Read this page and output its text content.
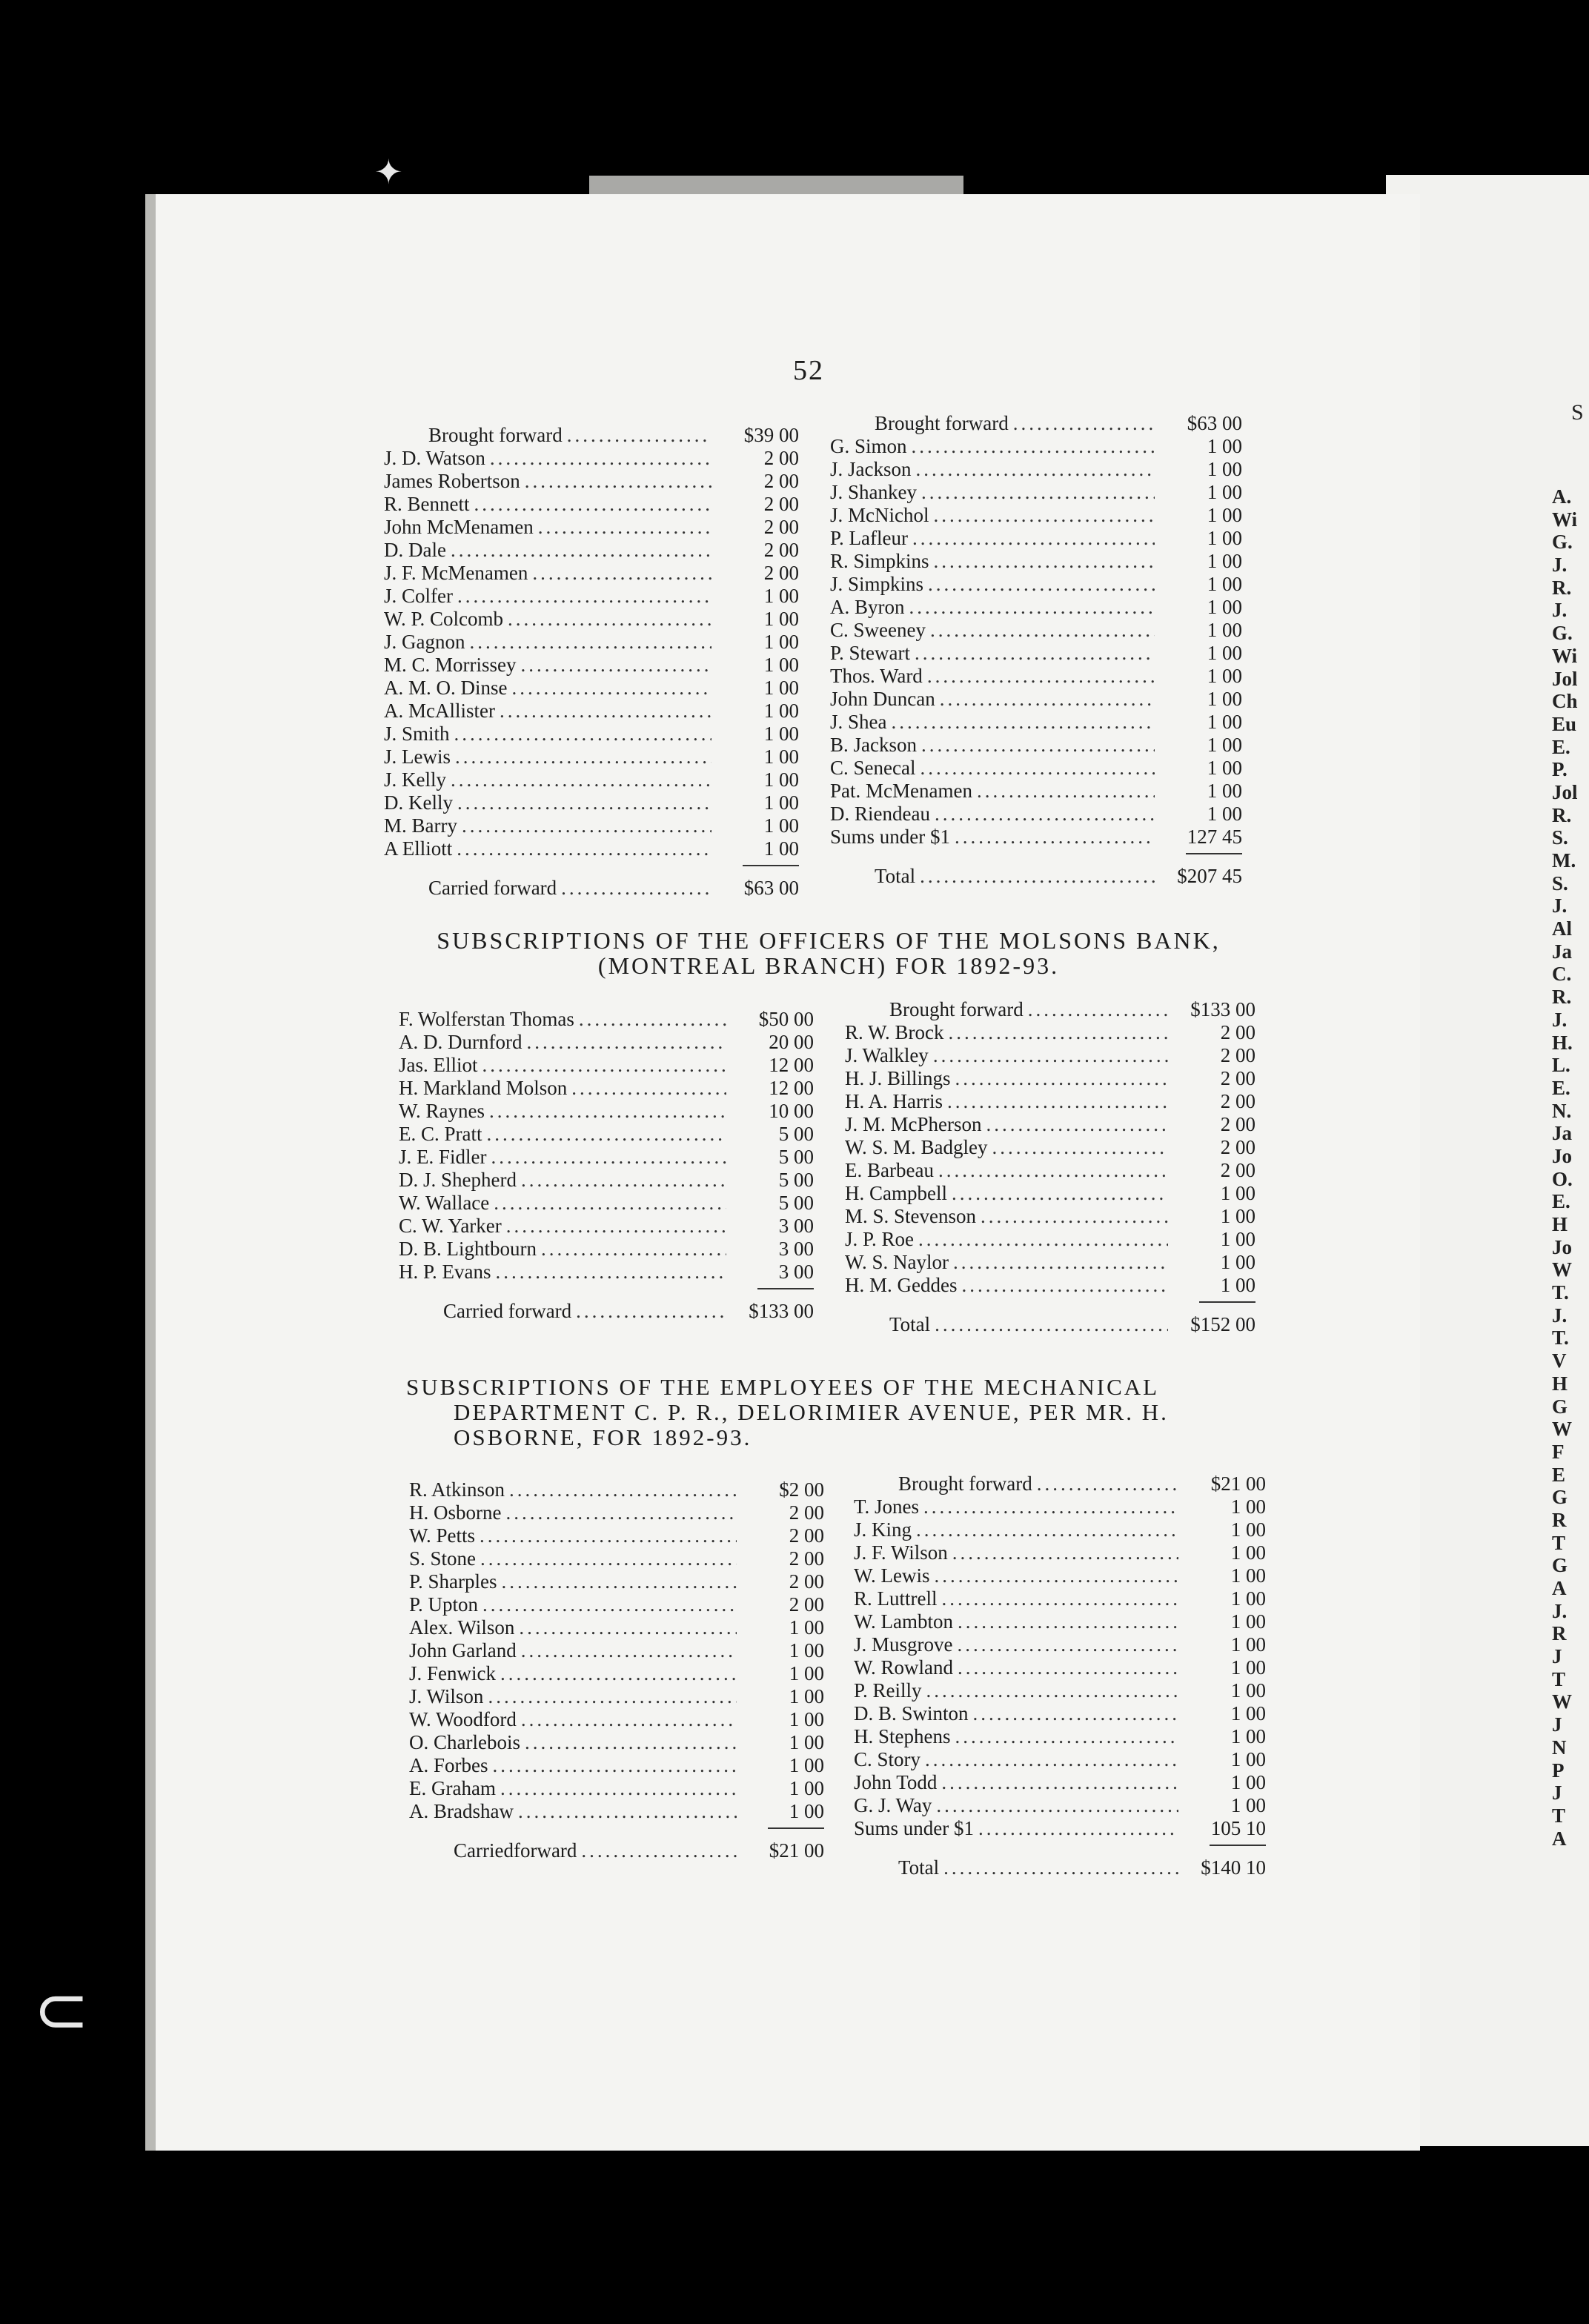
S
A.
Wi
G.
J.
R.
J.
G.
Wi
Jol
Ch
Eu
E.
P.
Jol
R.
S.
M.
S.
J.
Al
Ja
C.
R.
J.
H.
L.
E.
N.
Ja
Jo
O.
E.
H
Jo
W
T.
J.
T.
V
H
G
W
F
E
G
R
T
G
A
J.
R
J
T
W
J
N
P
J
T
A
✦
⊂
52
Brought forward .....	$39 00
J. D. Watson .....	2 00
James Robertson .....	2 00
R. Bennett .....	2 00
John McMenamen .....	2 00
D. Dale .....	2 00
J. F. McMenamen .....	2 00
J. Colfer .....	1 00
W. P. Colcomb .....	1 00
J. Gagnon .....	1 00
M. C. Morrissey .....	1 00
A. M. O. Dinse .....	1 00
A. McAllister .....	1 00
J. Smith .....	1 00
J. Lewis .....	1 00
J. Kelly .....	1 00
D. Kelly .....	1 00
M. Barry .....	1 00
A Elliott .....	1 00
Carried forward .....	$63 00
Brought forward .....	$63 00
G. Simon .....	1 00
J. Jackson .....	1 00
J. Shankey .....	1 00
J. McNichol .....	1 00
P. Lafleur .....	1 00
R. Simpkins .....	1 00
J. Simpkins .....	1 00
A. Byron .....	1 00
C. Sweeney .....	1 00
P. Stewart .....	1 00
Thos. Ward .....	1 00
John Duncan .....	1 00
J. Shea .....	1 00
B. Jackson .....	1 00
C. Senecal .....	1 00
Pat. McMenamen .....	1 00
D. Riendeau .....	1 00
Sums under $1 .....	127 45
Total .....	$207 45
SUBSCRIPTIONS OF THE OFFICERS OF THE MOLSONS BANK,
(MONTREAL BRANCH) FOR 1892-93.
F. Wolferstan Thomas .....	$50 00
A. D. Durnford .....	20 00
Jas. Elliot .....	12 00
H. Markland Molson .....	12 00
W. Raynes .....	10 00
E. C. Pratt .....	5 00
J. E. Fidler .....	5 00
D. J. Shepherd .....	5 00
W. Wallace .....	5 00
C. W. Yarker .....	3 00
D. B. Lightbourn .....	3 00
H. P. Evans .....	3 00
Carried forward .....	$133 00
Brought forward .....	$133 00
R. W. Brock .....	2 00
J. Walkley .....	2 00
H. J. Billings .....	2 00
H. A. Harris .....	2 00
J. M. McPherson .....	2 00
W. S. M. Badgley .....	2 00
E. Barbeau .....	2 00
H. Campbell .....	1 00
M. S. Stevenson .....	1 00
J. P. Roe .....	1 00
W. S. Naylor .....	1 00
H. M. Geddes .....	1 00
Total .....	$152 00
SUBSCRIPTIONS OF THE EMPLOYEES OF THE MECHANICAL
DEPARTMENT C. P. R., DELORIMIER AVENUE, PER MR. H.
OSBORNE, FOR 1892-93.
R. Atkinson .....	$2 00
H. Osborne .....	2 00
W. Petts .....	2 00
S. Stone .....	2 00
P. Sharples .....	2 00
P. Upton .....	2 00
Alex. Wilson .....	1 00
John Garland .....	1 00
J. Fenwick .....	1 00
J. Wilson .....	1 00
W. Woodford .....	1 00
O. Charlebois .....	1 00
A. Forbes .....	1 00
E. Graham .....	1 00
A. Bradshaw .....	1 00
Carriedforward .....	$21 00
Brought forward .....	$21 00
T. Jones .....	1 00
J. King .....	1 00
J. F. Wilson .....	1 00
W. Lewis .....	1 00
R. Luttrell .....	1 00
W. Lambton .....	1 00
J. Musgrove .....	1 00
W. Rowland .....	1 00
P. Reilly .....	1 00
D. B. Swinton .....	1 00
H. Stephens .....	1 00
C. Story .....	1 00
John Todd .....	1 00
G. J. Way .....	1 00
Sums under $1 .....	105 10
Total .....	$140 10
